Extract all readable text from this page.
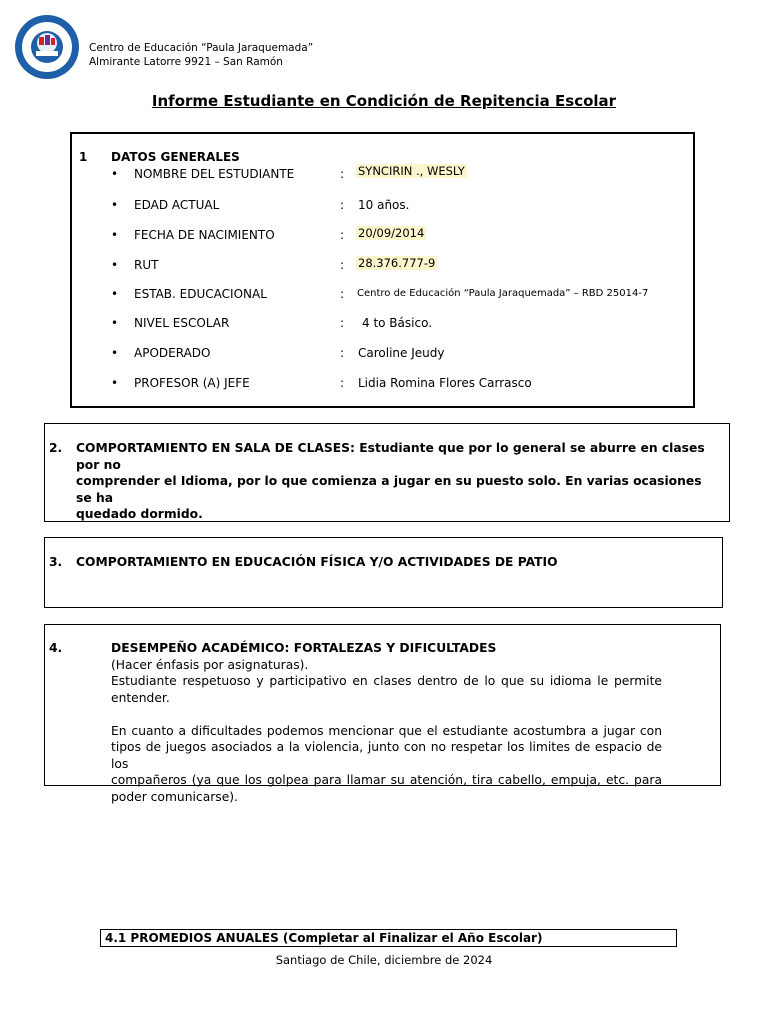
Centro de Educación “Paula Jaraquemada”
Almirante Latorre 9921 – San Ramón
Informe Estudiante en Condición de Repitencia Escolar
1 DATOS GENERALES
• NOMBRE DEL ESTUDIANTE	: SYNCIRIN ., WESLY
• EDAD ACTUAL	: 10 años.
• FECHA DE NACIMIENTO	: 20/09/2014
• RUT	: 28.376.777-9
• ESTAB. EDUCACIONAL	: Centro de Educación “Paula Jaraquemada” – RBD 25014-7
• NIVEL ESCOLAR	: 4 to Básico.
• APODERADO	: Caroline Jeudy
• PROFESOR (A) JEFE	: Lidia Romina Flores Carrasco
2. COMPORTAMIENTO EN SALA DE CLASES: Estudiante que por lo general se aburre en clases por no
comprender el Idioma, por lo que comienza a jugar en su puesto solo. En varias ocasiones se ha
quedado dormido.
3. COMPORTAMIENTO EN EDUCACIÓN FÍSICA Y/O ACTIVIDADES DE PATIO
4.	DESEMPEÑO ACADÉMICO: FORTALEZAS Y DIFICULTADES
(Hacer énfasis por asignaturas).
Estudiante respetuoso y participativo en clases dentro de lo que su idioma le permite
entender.
En cuanto a dificultades podemos mencionar que el estudiante acostumbra a jugar con
tipos de juegos asociados a la violencia, junto con no respetar los limites de espacio de los
compañeros (ya que los golpea para llamar su atención, tira cabello, empuja, etc. para
poder comunicarse).
4.1 PROMEDIOS ANUALES (Completar al Finalizar el Año Escolar)
Santiago de Chile, diciembre de 2024
